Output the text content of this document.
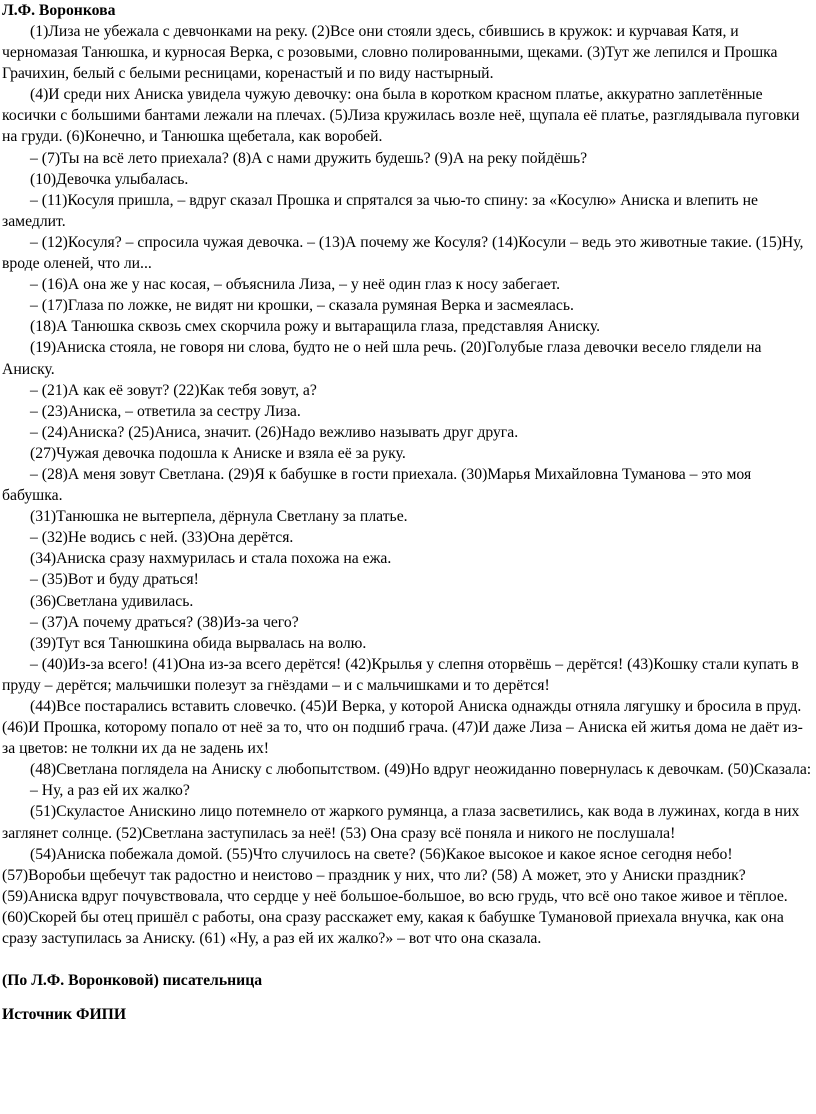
Л.Ф. Воронкова

(1)Лиза не убежала с девчонками на реку. (2)Все они стояли здесь, сбившись в кружок: и курчавая Катя, и черномазая Танюшка, и курносая Верка, с розовыми, словно полированными, щеками. (3)Тут же лепился и Прошка Грачихин, белый с белыми ресницами, коренастый и по виду настырный.

(4)И среди них Аниска увидела чужую девочку: она была в коротком красном платье, аккуратно заплетённые косички с большими бантами лежали на плечах. (5)Лиза кружилась возле неё, щупала её платье, разглядывала пуговки на груди. (6)Конечно, и Танюшка щебетала, как воробей.

– (7)Ты на всё лето приехала? (8)А с нами дружить будешь? (9)А на реку пойдёшь?

(10)Девочка улыбалась.

– (11)Косуля пришла, – вдруг сказал Прошка и спрятался за чью-то спину: за «Косулю» Аниска и влепить не замедлит.

– (12)Косуля? – спросила чужая девочка. – (13)А почему же Косуля? (14)Косули – ведь это животные такие. (15)Ну, вроде оленей, что ли...

– (16)А она же у нас косая, – объяснила Лиза, – у неё один глаз к носу забегает.

– (17)Глаза по ложке, не видят ни крошки, – сказала румяная Верка и засмеялась.

(18)А Танюшка сквозь смех скорчила рожу и вытаращила глаза, представляя Аниску.

(19)Аниска стояла, не говоря ни слова, будто не о ней шла речь. (20)Голубые глаза девочки весело глядели на Аниску.

– (21)А как её зовут? (22)Как тебя зовут, а?

– (23)Аниска, – ответила за сестру Лиза.

– (24)Аниска? (25)Аниса, значит. (26)Надо вежливо называть друг друга.

(27)Чужая девочка подошла к Аниске и взяла её за руку.

– (28)А меня зовут Светлана. (29)Я к бабушке в гости приехала. (30)Марья Михайловна Туманова – это моя бабушка.

(31)Танюшка не вытерпела, дёрнула Светлану за платье.

– (32)Не водись с ней. (33)Она дерётся.

(34)Аниска сразу нахмурилась и стала похожа на ежа.

– (35)Вот и буду драться!

(36)Светлана удивилась.

– (37)А почему драться? (38)Из-за чего?

(39)Тут вся Танюшкина обида вырвалась на волю.

– (40)Из-за всего! (41)Она из-за всего дерётся! (42)Крылья у слепня оторвёшь – дерётся! (43)Кошку стали купать в пруду – дерётся; мальчишки полезут за гнёздами – и с мальчишками и то дерётся!

(44)Все постарались вставить словечко. (45)И Верка, у которой Аниска однажды отняла лягушку и бросила в пруд. (46)И Прошка, которому попало от неё за то, что он подшиб грача. (47)И даже Лиза – Аниска ей житья дома не даёт из-за цветов: не толкни их да не задень их!

(48)Светлана поглядела на Аниску с любопытством. (49)Но вдруг неожиданно повернулась к девочкам. (50)Сказала:

– Ну, а раз ей их жалко?

(51)Скуластое Анискино лицо потемнело от жаркого румянца, а глаза засветились, как вода в лужинах, когда в них заглянет солнце. (52)Светлана заступилась за неё! (53) Она сразу всё поняла и никого не послушала!

(54)Аниска побежала домой. (55)Что случилось на свете? (56)Какое высокое и какое ясное сегодня небо! (57)Воробьи щебечут так радостно и неистово – праздник у них, что ли? (58) А может, это у Аниски праздник?

(59)Аниска вдруг почувствовала, что сердце у неё большое-большое, во всю грудь, что всё оно такое живое и тёплое. (60)Скорей бы отец пришёл с работы, она сразу расскажет ему, какая к бабушке Тумановой приехала внучка, как она сразу заступилась за Аниску. (61) «Ну, а раз ей их жалко?» – вот что она сказала.

(По Л.Ф. Воронковой) писательница

Источник ФИПИ
